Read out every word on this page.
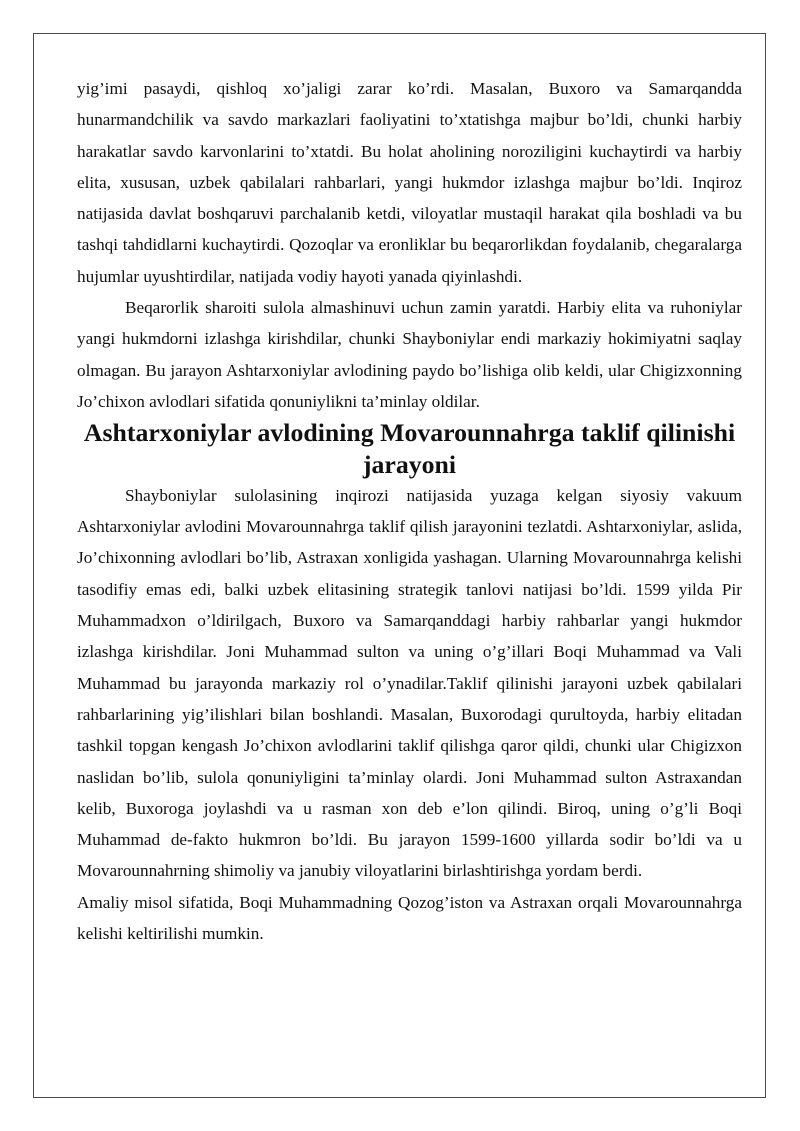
yig’imi pasaydi, qishloq xo’jaligi zarar ko’rdi. Masalan, Buxoro va Samarqandda hunarmandchilik va savdo markazlari faoliyatini to’xtatishga majbur bo’ldi, chunki harbiy harakatlar savdo karvonlarini to’xtatdi. Bu holat aholining noroziligini kuchaytirdi va harbiy elita, xususan, uzbek qabilalari rahbarlari, yangi hukmdor izlashga majbur bo’ldi. Inqiroz natijasida davlat boshqaruvi parchalanib ketdi, viloyatlar mustaqil harakat qila boshladi va bu tashqi tahdidlarni kuchaytirdi. Qozoqlar va eronliklar bu beqarorlikdan foydalanib, chegaralarga hujumlar uyushtirdilar, natijada vodiy hayoti yanada qiyinlashdi.

Beqarorlik sharoiti sulola almashinuvi uchun zamin yaratdi. Harbiy elita va ruhoniylar yangi hukmdorni izlashga kirishdilar, chunki Shayboniylar endi markaziy hokimiyatni saqlay olmagan. Bu jarayon Ashtarxoniylar avlodining paydo bo’lishiga olib keldi, ular Chigizxonning Jo’chixon avlodlari sifatida qonuniylikni ta’minlay oldilar.

Ashtarxoniylar avlodining Movarounnahrga taklif qilinishi jarayoni

Shayboniylar sulolasining inqirozi natijasida yuzaga kelgan siyosiy vakuum Ashtarxoniylar avlodini Movarounnahrga taklif qilish jarayonini tezlatdi. Ashtarxoniylar, aslida, Jo’chixonning avlodlari bo’lib, Astraxan xonligida yashagan. Ularning Movarounnahrga kelishi tasodifiy emas edi, balki uzbek elitasining strategik tanlovi natijasi bo’ldi. 1599 yilda Pir Muhammadxon o’ldirilgach, Buxoro va Samarqanddagi harbiy rahbarlar yangi hukmdor izlashga kirishdilar. Joni Muhammad sulton va uning o’g’illari Boqi Muhammad va Vali Muhammad bu jarayonda markaziy rol o’ynadilar.Taklif qilinishi jarayoni uzbek qabilalari rahbarlarining yig’ilishlari bilan boshlandi. Masalan, Buxorodagi qurultoyda, harbiy elitadan tashkil topgan kengash Jo’chixon avlodlarini taklif qilishga qaror qildi, chunki ular Chigizxon naslidan bo’lib, sulola qonuniyligini ta’minlay olardi. Joni Muhammad sulton Astraxandan kelib, Buxoroga joylashdi va u rasman xon deb e’lon qilindi. Biroq, uning o’g’li Boqi Muhammad de-fakto hukmron bo’ldi. Bu jarayon 1599-1600 yillarda sodir bo’ldi va u Movarounnahrning shimoliy va janubiy viloyatlarini birlashtirishga yordam berdi.

Amaliy misol sifatida, Boqi Muhammadning Qozog’iston va Astraxan orqali Movarounnahrga kelishi keltirilishi mumkin.
